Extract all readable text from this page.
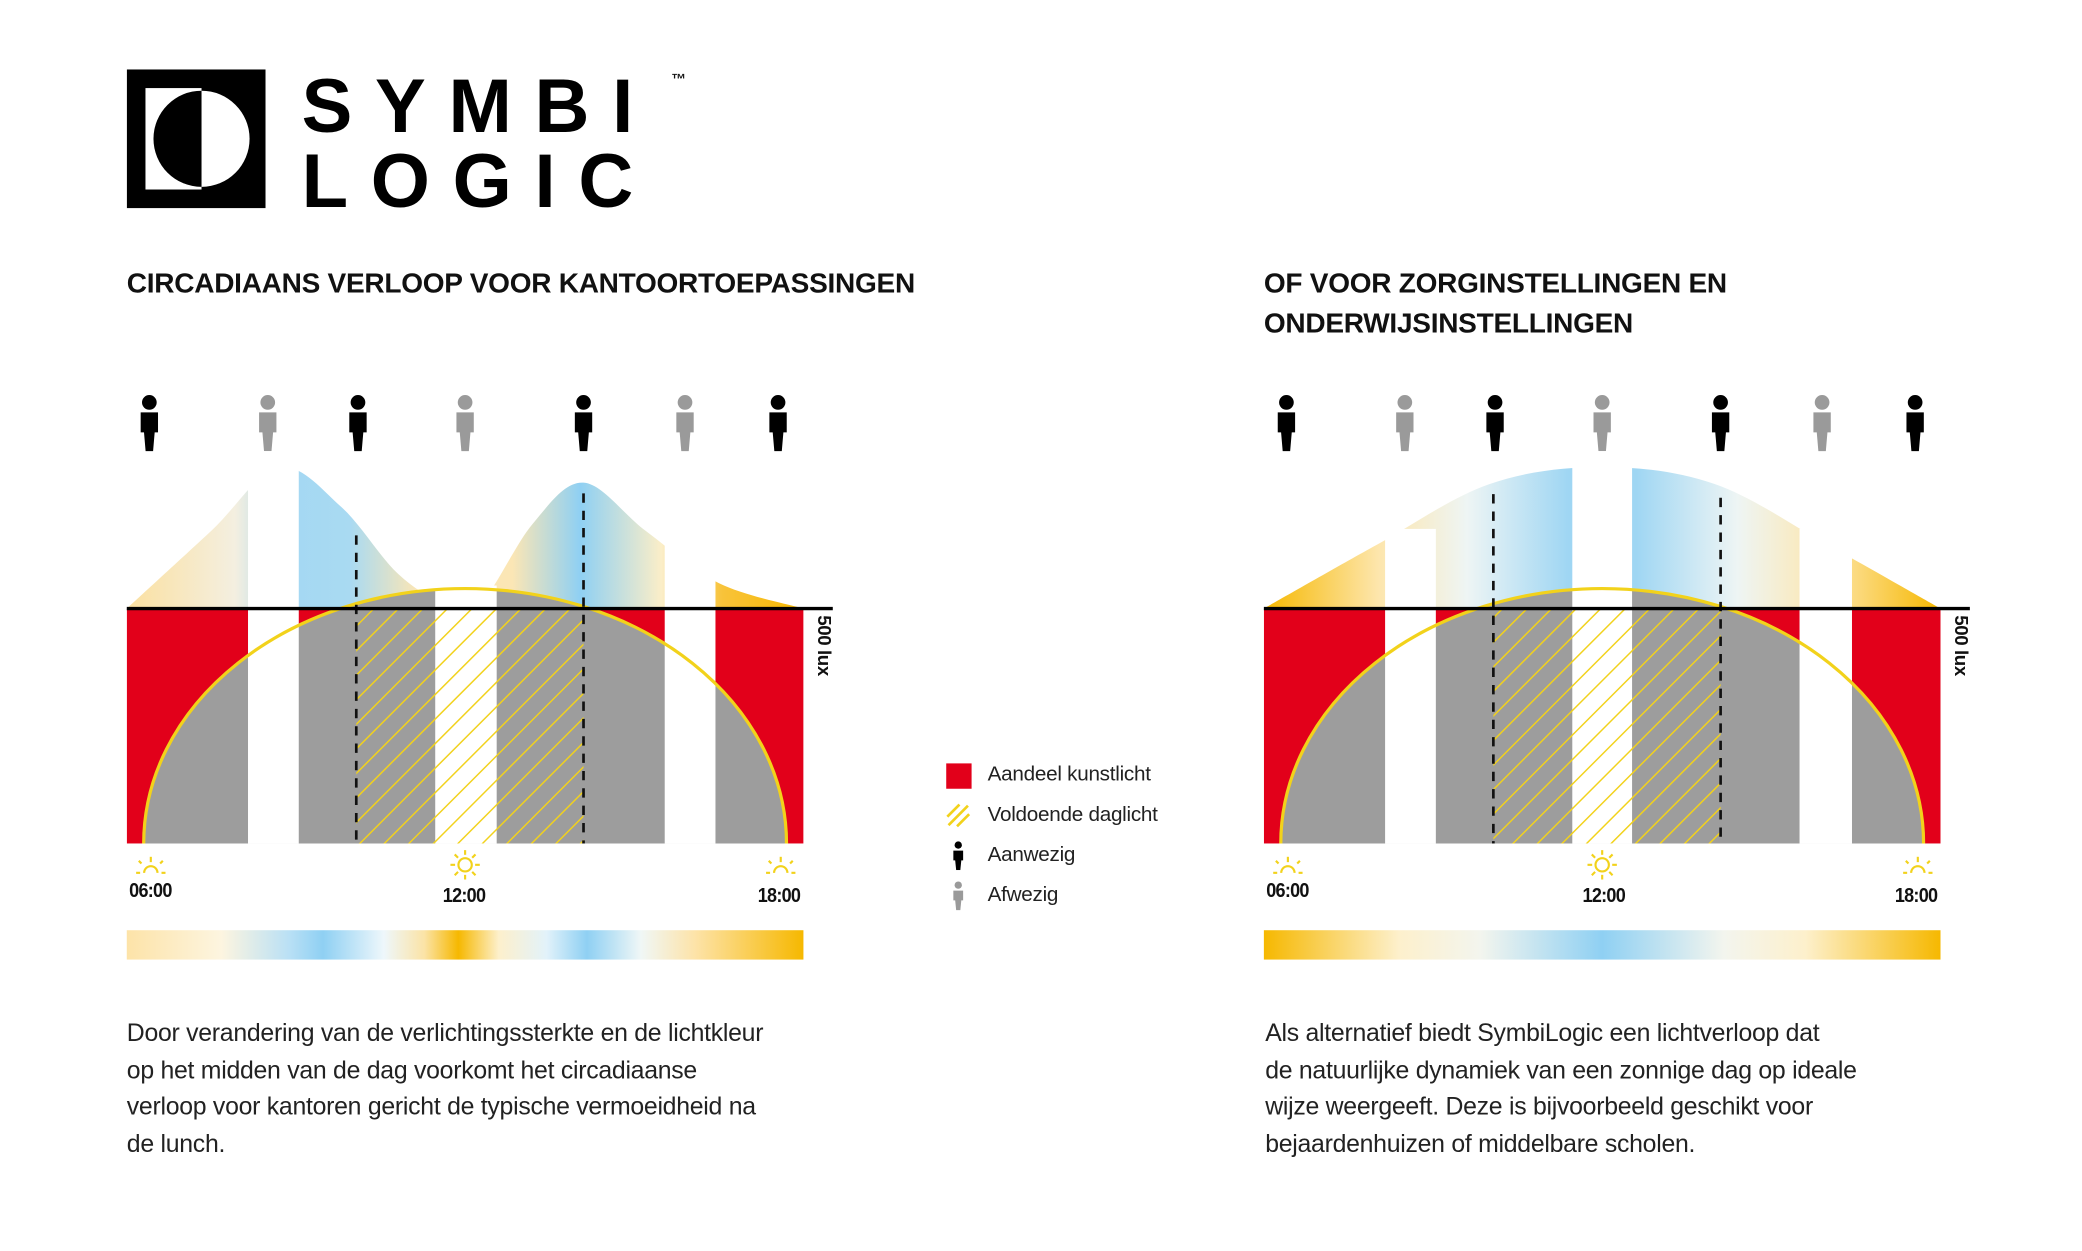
SYMBI
LOGIC
™
CIRCADIAANS VERLOOP VOOR KANTOORTOEPASSINGEN	OF VOOR ZORGINSTELLINGEN EN
ONDERWIJSINSTELLINGEN
500 lux	500 lux
06:00	12:00	18:00	06:00	12:00	18:00
Aandeel kunstlicht
Voldoende daglicht
Aanwezig
Afwezig
Door verandering van de verlichtingssterkte en de lichtkleur
op het midden van de dag voorkomt het circadiaanse
verloop voor kantoren gericht de typische vermoeidheid na
de lunch.
Als alternatief biedt SymbiLogic een lichtverloop dat
de natuurlijke dynamiek van een zonnige dag op ideale
wijze weergeeft. Deze is bijvoorbeeld geschikt voor
bejaardenhuizen of middelbare scholen.
